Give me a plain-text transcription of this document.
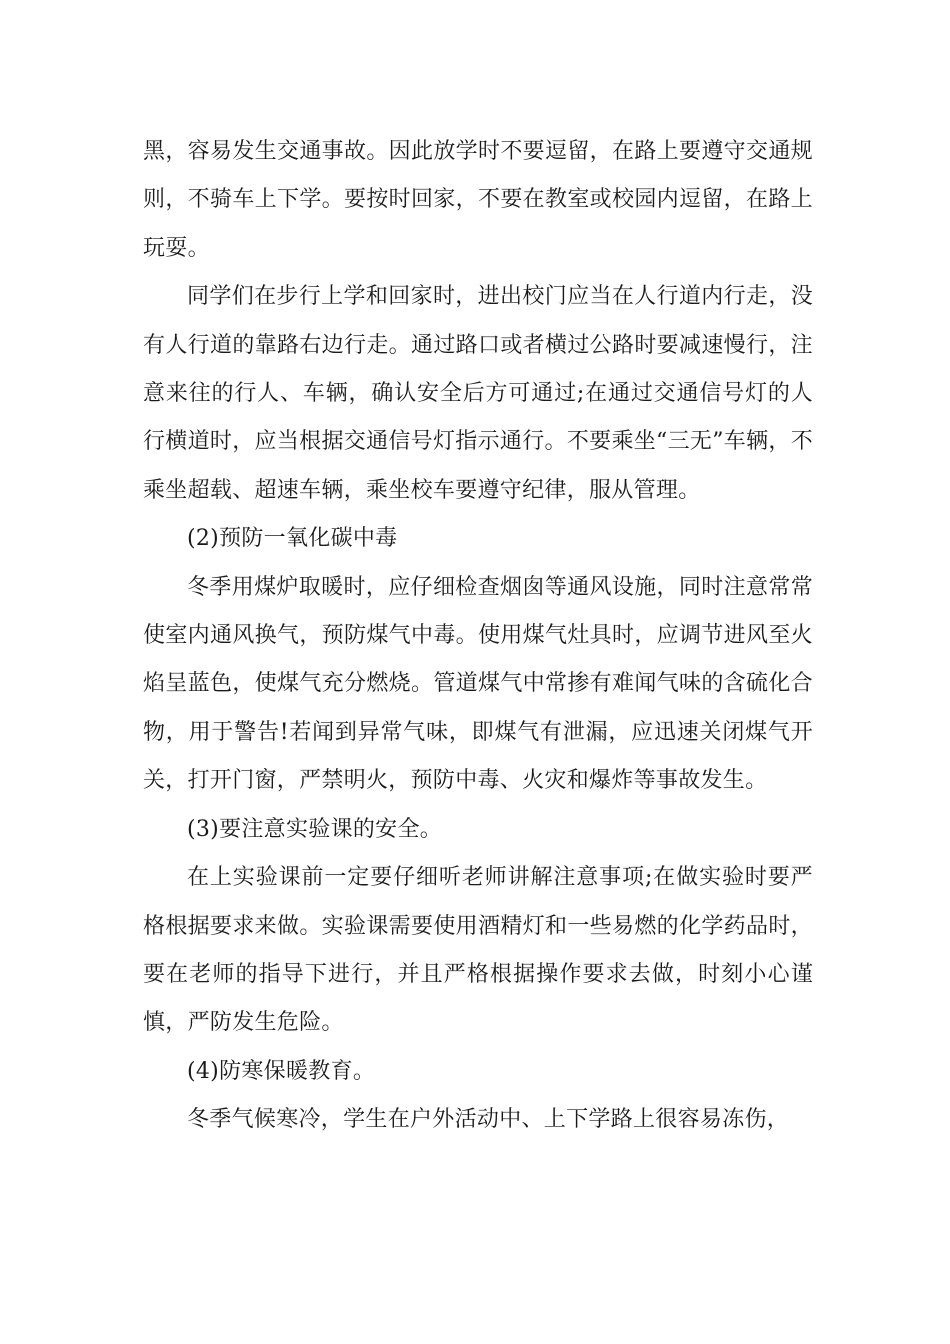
黑，容易发生交通事故。因此放学时不要逗留，在路上要遵守交通规则，不骑车上下学。要按时回家，不要在教室或校园内逗留，在路上玩耍。

同学们在步行上学和回家时，进出校门应当在人行道内行走，没有人行道的靠路右边行走。通过路口或者横过公路时要减速慢行，注意来往的行人、车辆，确认安全后方可通过;在通过交通信号灯的人行横道时，应当根据交通信号灯指示通行。不要乘坐“三无”车辆，不乘坐超载、超速车辆，乘坐校车要遵守纪律，服从管理。

(2)预防一氧化碳中毒

冬季用煤炉取暖时，应仔细检查烟囱等通风设施，同时注意常常使室内通风换气，预防煤气中毒。使用煤气灶具时，应调节进风至火焰呈蓝色，使煤气充分燃烧。管道煤气中常掺有难闻气味的含硫化合物，用于警告!若闻到异常气味，即煤气有泄漏，应迅速关闭煤气开关，打开门窗，严禁明火，预防中毒、火灾和爆炸等事故发生。

(3)要注意实验课的安全。

在上实验课前一定要仔细听老师讲解注意事项;在做实验时要严格根据要求来做。实验课需要使用酒精灯和一些易燃的化学药品时，要在老师的指导下进行，并且严格根据操作要求去做，时刻小心谨慎，严防发生危险。

(4)防寒保暖教育。

冬季气候寒冷，学生在户外活动中、上下学路上很容易冻伤，
